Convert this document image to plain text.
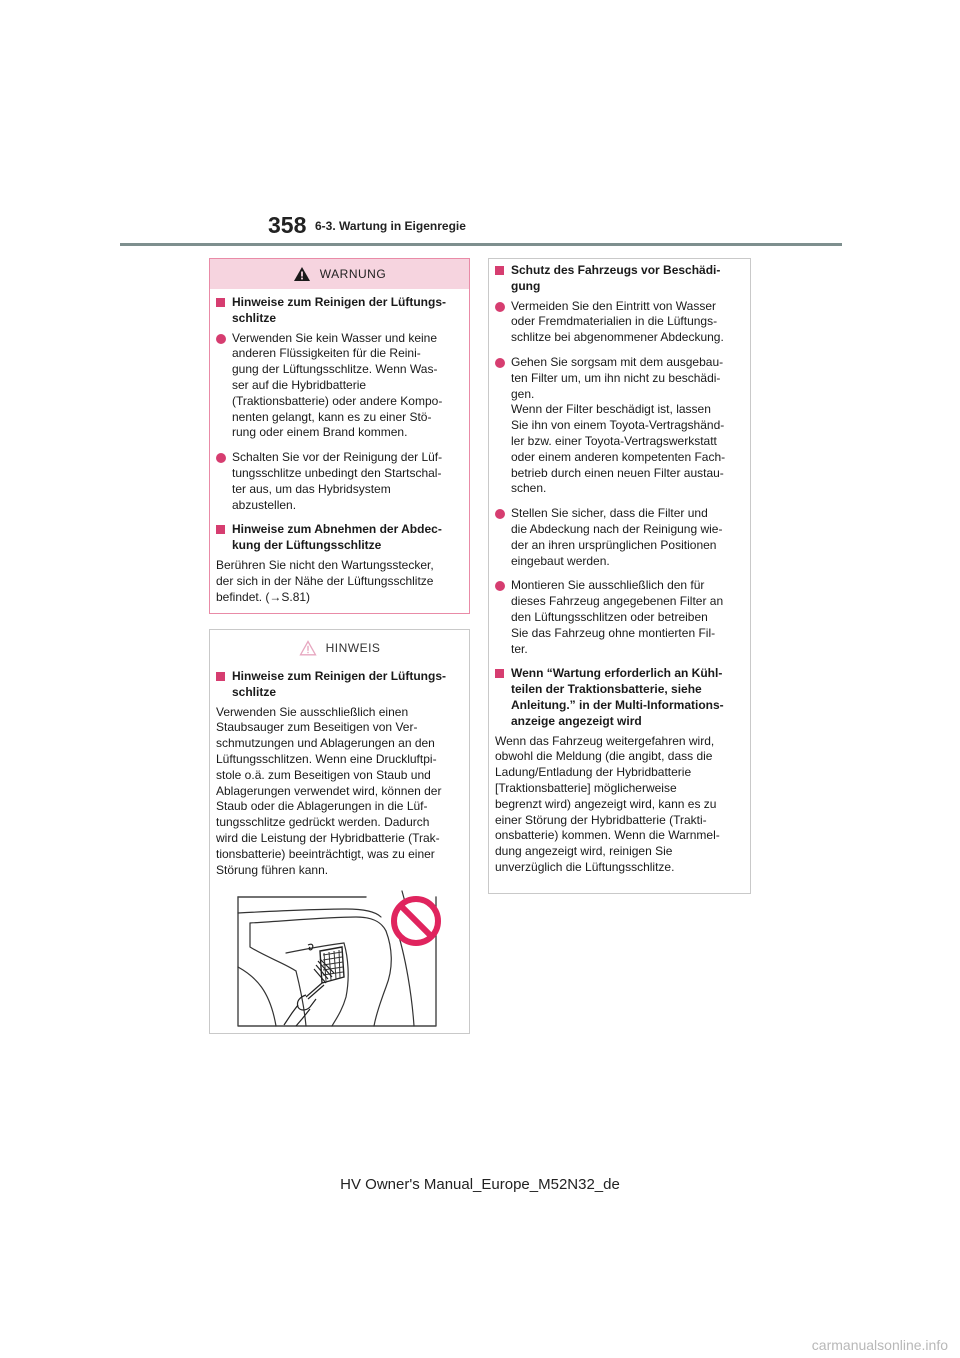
358 6-3. Wartung in Eigenregie
WARNUNG
Hinweise zum Reinigen der Lüftungs-
schlitze
Verwenden Sie kein Wasser und keine
anderen Flüssigkeiten für die Reini-
gung der Lüftungsschlitze. Wenn Was-
ser auf die Hybridbatterie
(Traktionsbatterie) oder andere Kompo-
nenten gelangt, kann es zu einer Stö-
rung oder einem Brand kommen.
Schalten Sie vor der Reinigung der Lüf-
tungsschlitze unbedingt den Startschal-
ter aus, um das Hybridsystem
abzustellen.
Hinweise zum Abnehmen der Abdec-
kung der Lüftungsschlitze
Berühren Sie nicht den Wartungsstecker,
der sich in der Nähe der Lüftungsschlitze
befindet. (→S.81)
HINWEIS
Hinweise zum Reinigen der Lüftungs-
schlitze
Verwenden Sie ausschließlich einen
Staubsauger zum Beseitigen von Ver-
schmutzungen und Ablagerungen an den
Lüftungsschlitzen. Wenn eine Druckluftpi-
stole o.ä. zum Beseitigen von Staub und
Ablagerungen verwendet wird, können der
Staub oder die Ablagerungen in die Lüf-
tungsschlitze gedrückt werden. Dadurch
wird die Leistung der Hybridbatterie (Trak-
tionsbatterie) beeinträchtigt, was zu einer
Störung führen kann.
Schutz des Fahrzeugs vor Beschädi-
gung
Vermeiden Sie den Eintritt von Wasser
oder Fremdmaterialien in die Lüftungs-
schlitze bei abgenommener Abdeckung.
Gehen Sie sorgsam mit dem ausgebau-
ten Filter um, um ihn nicht zu beschädi-
gen.
Wenn der Filter beschädigt ist, lassen
Sie ihn von einem Toyota-Vertragshänd-
ler bzw. einer Toyota-Vertragswerkstatt
oder einem anderen kompetenten Fach-
betrieb durch einen neuen Filter austau-
schen.
Stellen Sie sicher, dass die Filter und
die Abdeckung nach der Reinigung wie-
der an ihren ursprünglichen Positionen
eingebaut werden.
Montieren Sie ausschließlich den für
dieses Fahrzeug angegebenen Filter an
den Lüftungsschlitzen oder betreiben
Sie das Fahrzeug ohne montierten Fil-
ter.
Wenn “Wartung erforderlich an Kühl-
teilen der Traktionsbatterie, siehe
Anleitung.” in der Multi-Informations-
anzeige angezeigt wird
Wenn das Fahrzeug weitergefahren wird,
obwohl die Meldung (die angibt, dass die
Ladung/Entladung der Hybridbatterie
[Traktionsbatterie] möglicherweise
begrenzt wird) angezeigt wird, kann es zu
einer Störung der Hybridbatterie (Trakti-
onsbatterie) kommen. Wenn die Warnmel-
dung angezeigt wird, reinigen Sie
unverzüglich die Lüftungsschlitze.
HV Owner's Manual_Europe_M52N32_de
carmanualsonline.info
